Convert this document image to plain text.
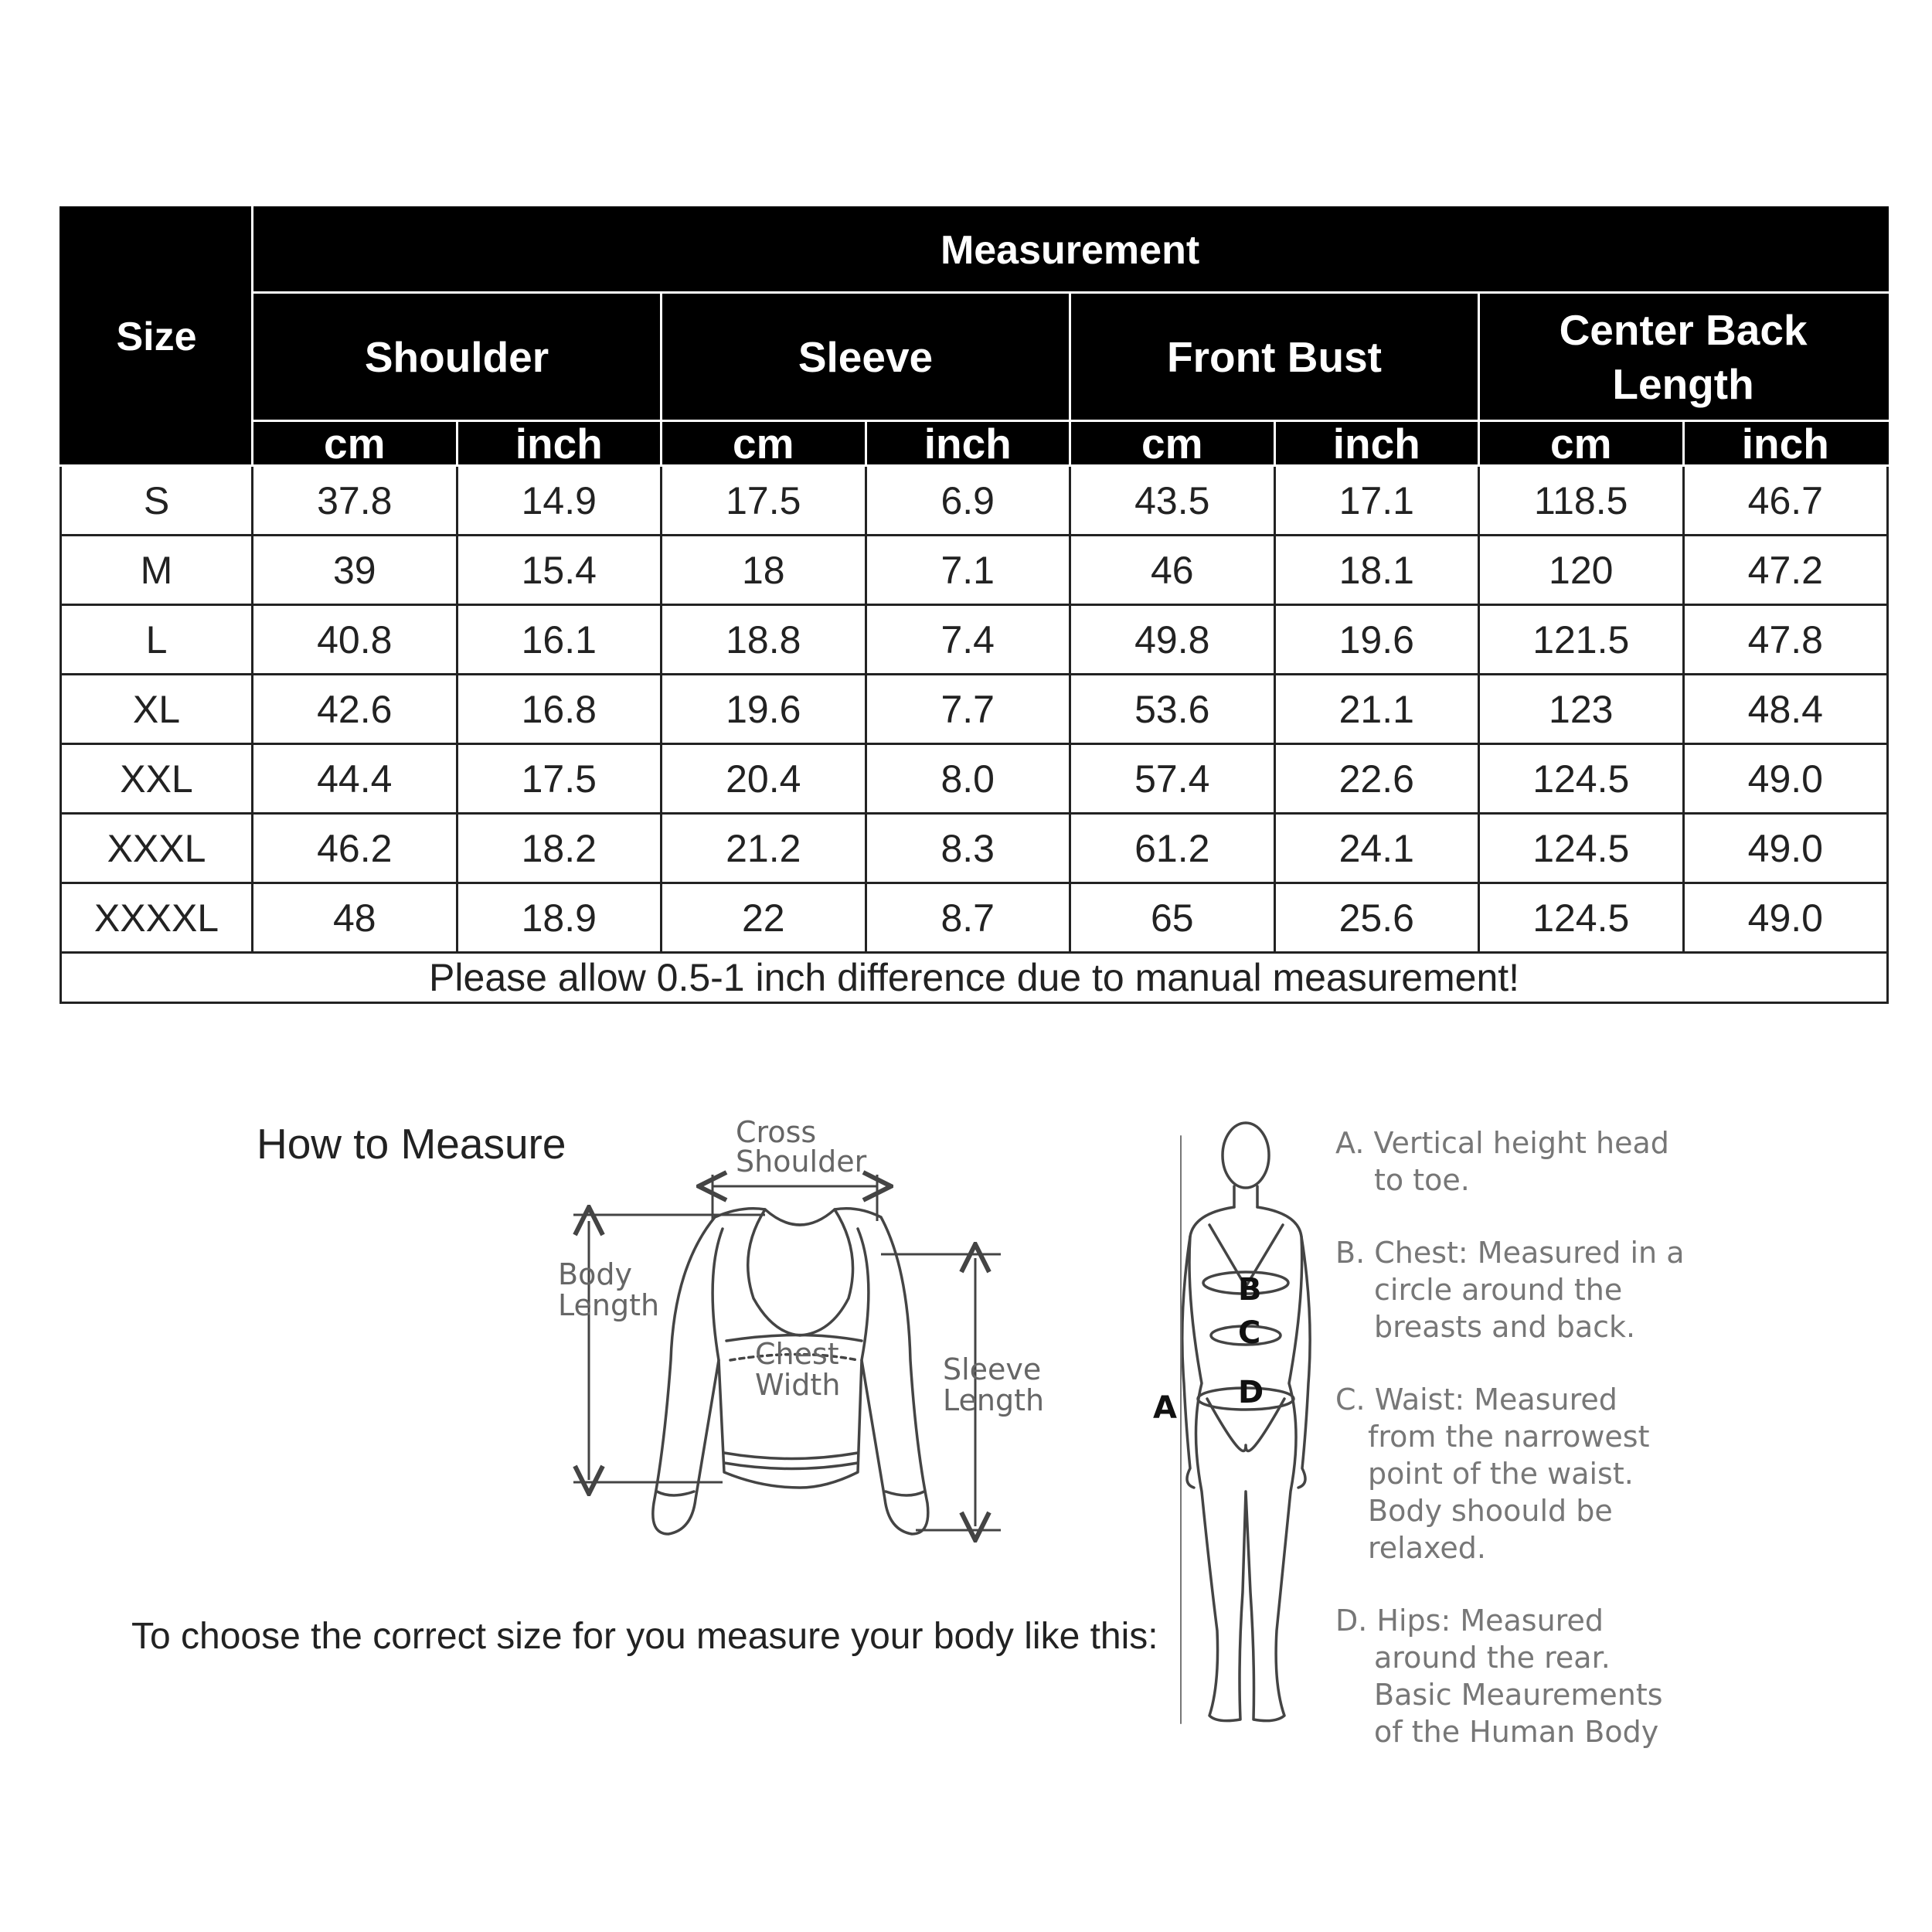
Size	Measurement							
	Shoulder		Sleeve		Front Bust		Center Back
Length	

	cm	inch	cm	inch	cm	inch	cm	inch
S	37.8	14.9	17.5	6.9	43.5	17.1	118.5	46.7
M	39	15.4	18	7.1	46	18.1	120	47.2
L	40.8	16.1	18.8	7.4	49.8	19.6	121.5	47.8
XL	42.6	16.8	19.6	7.7	53.6	21.1	123	48.4
XXL	44.4	17.5	20.4	8.0	57.4	22.6	124.5	49.0
XXXL	46.2	18.2	21.2	8.3	61.2	24.1	124.5	49.0
XXXXL	48	18.9	22	8.7	65	25.6	124.5	49.0
Please allow 0.5-1 inch difference due to manual measurement!								
How to Measure
To choose the correct size for you measure your body like this:
Cross
Shoulder
Body
Length
Chest
Width	Sleeve
Length
B
C
D
A
A. Vertical height head
to toe.
B. Chest: Measured in a
circle around the
breasts and back.
C. Waist: Measured
from the narrowest
point of the waist.
Body shoould be
relaxed.
D. Hips: Measured
around the rear.
Basic Meaurements
of the Human Body
